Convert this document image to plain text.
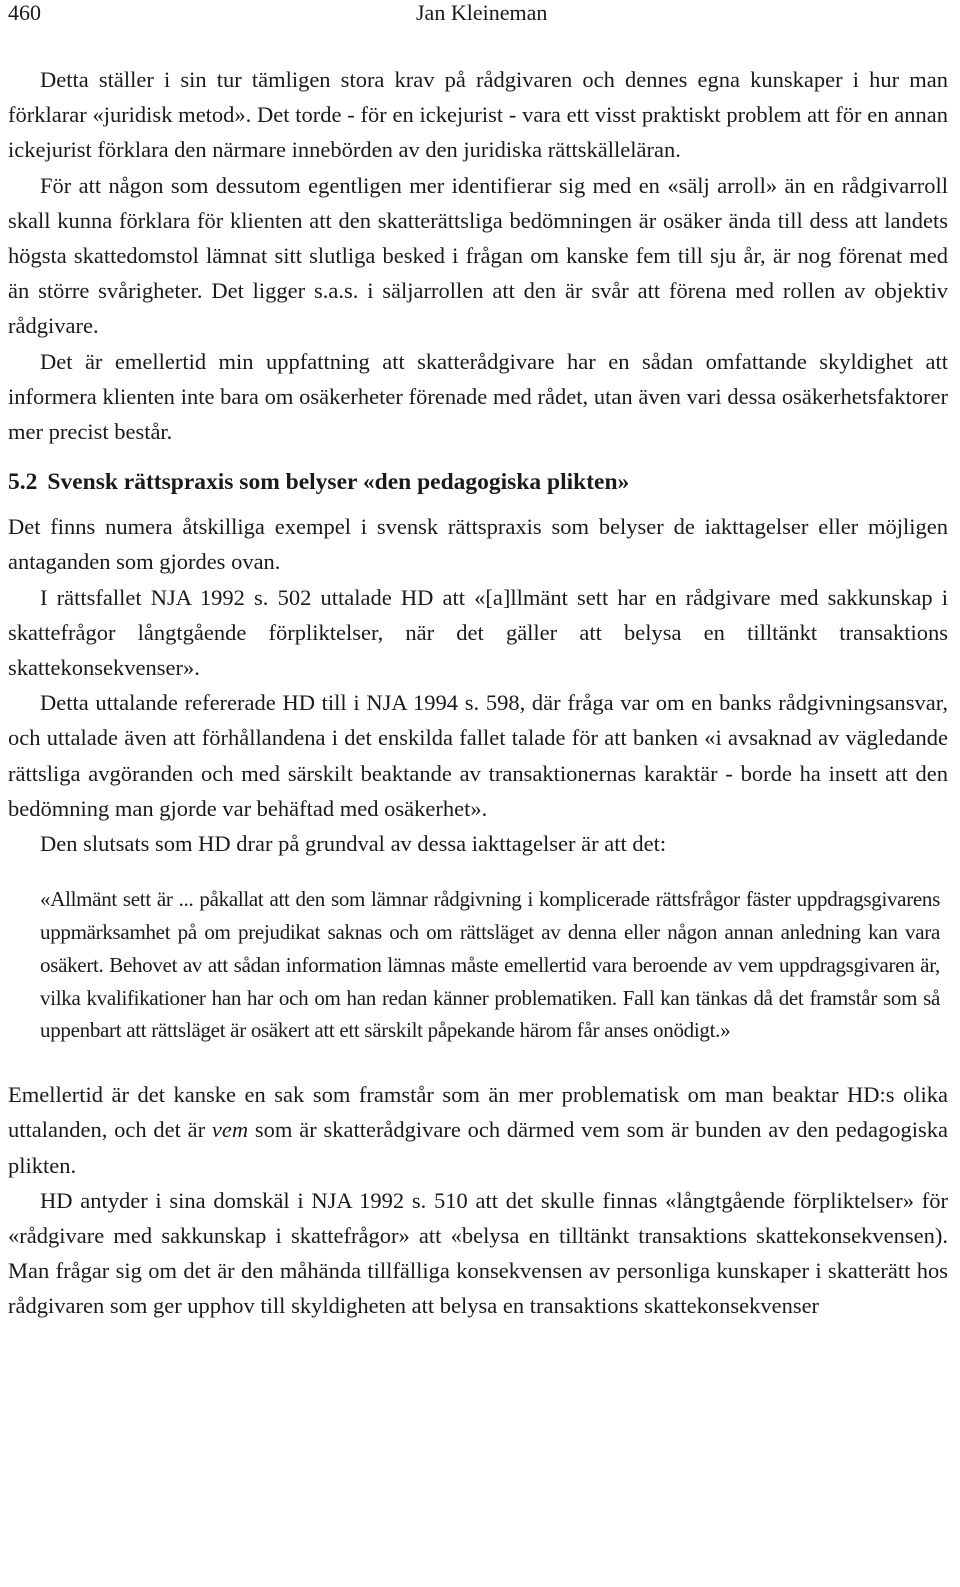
460	Jan Kleineman

Detta ställer i sin tur tämligen stora krav på rådgivaren och dennes egna kunskaper i hur man förklarar «juridisk metod». Det torde - för en ickejurist - vara ett visst praktiskt problem att för en annan ickejurist förklara den närmare innebörden av den juridiska rättskälleläran.

För att någon som dessutom egentligen mer identifierar sig med en «sälj arroll» än en rådgivarroll skall kunna förklara för klienten att den skatterättsliga bedömningen är osäker ända till dess att landets högsta skattedomstol lämnat sitt slutliga besked i frågan om kanske fem till sju år, är nog förenat med än större svårigheter. Det ligger s.a.s. i säljarrollen att den är svår att förena med rollen av objektiv rådgivare.

Det är emellertid min uppfattning att skatterådgivare har en sådan omfattande skyldighet att informera klienten inte bara om osäkerheter förenade med rådet, utan även vari dessa osäkerhetsfaktorer mer precist består.

5.2 Svensk rättspraxis som belyser «den pedagogiska plikten»

Det finns numera åtskilliga exempel i svensk rättspraxis som belyser de iakttagelser eller möjligen antaganden som gjordes ovan.

I rättsfallet NJA 1992 s. 502 uttalade HD att «[a]llmänt sett har en rådgivare med sakkunskap i skattefrågor långtgående förpliktelser, när det gäller att belysa en tilltänkt transaktions skattekonsekvenser».

Detta uttalande refererade HD till i NJA 1994 s. 598, där fråga var om en banks rådgivningsansvar, och uttalade även att förhållandena i det enskilda fallet talade för att banken «i avsaknad av vägledande rättsliga avgöranden och med särskilt beaktande av transaktionernas karaktär - borde ha insett att den bedömning man gjorde var behäftad med osäkerhet».

Den slutsats som HD drar på grundval av dessa iakttagelser är att det:

«Allmänt sett är ... påkallat att den som lämnar rådgivning i komplicerade rättsfrågor fäster uppdragsgivarens uppmärksamhet på om prejudikat saknas och om rättsläget av denna eller någon annan anledning kan vara osäkert. Behovet av att sådan information lämnas måste emellertid vara beroende av vem uppdragsgivaren är, vilka kvalifikationer han har och om han redan känner problematiken. Fall kan tänkas då det framstår som så uppenbart att rättsläget är osäkert att ett särskilt påpekande härom får anses onödigt.»

Emellertid är det kanske en sak som framstår som än mer problematisk om man beaktar HD:s olika uttalanden, och det är vem som är skatterådgivare och därmed vem som är bunden av den pedagogiska plikten.

HD antyder i sina domskäl i NJA 1992 s. 510 att det skulle finnas «långtgående förpliktelser» för «rådgivare med sakkunskap i skattefrågor» att «belysa en tilltänkt transaktions skattekonsekvensen). Man frågar sig om det är den måhända tillfälliga konsekvensen av personliga kunskaper i skatterätt hos rådgivaren som ger upphov till skyldigheten att belysa en transaktions skattekonsekvenser
